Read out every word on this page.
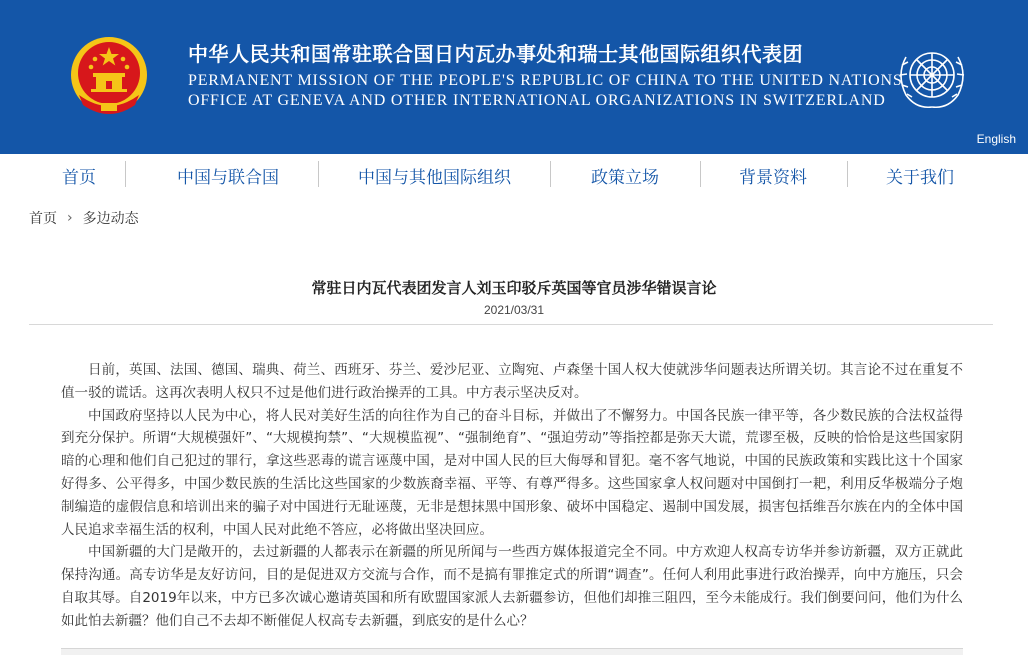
中华人民共和国常驻联合国日内瓦办事处和瑞士其他国际组织代表团
PERMANENT MISSION OF THE PEOPLE'S REPUBLIC OF CHINA TO THE UNITED NATIONS
OFFICE AT GENEVA AND OTHER INTERNATIONAL ORGANIZATIONS IN SWITZERLAND
English
首页	中国与联合国	中国与其他国际组织	政策立场	背景资料	关于我们
首页 › 多边动态
常驻日内瓦代表团发言人刘玉印驳斥英国等官员涉华错误言论
2021/03/31

日前，英国、法国、德国、瑞典、荷兰、西班牙、芬兰、爱沙尼亚、立陶宛、卢森堡十国人权大使就涉华问题表达所谓关切。其言论不过在重复不值一驳的谎话。这再次表明人权只不过是他们进行政治操弄的工具。中方表示坚决反对。

中国政府坚持以人民为中心，将人民对美好生活的向往作为自己的奋斗目标，并做出了不懈努力。中国各民族一律平等，各少数民族的合法权益得到充分保护。所谓“大规模强奸”、“大规模拘禁”、“大规模监视”、“强制绝育”、“强迫劳动”等指控都是弥天大谎，荒谬至极，反映的恰恰是这些国家阴暗的心理和他们自己犯过的罪行，拿这些恶毒的谎言诬蔑中国，是对中国人民的巨大侮辱和冒犯。毫不客气地说，中国的民族政策和实践比这十个国家好得多、公平得多，中国少数民族的生活比这些国家的少数族裔幸福、平等、有尊严得多。这些国家拿人权问题对中国倒打一耙，利用反华极端分子炮制编造的虚假信息和培训出来的骗子对中国进行无耻诬蔑，无非是想抹黑中国形象、破坏中国稳定、遏制中国发展，损害包括维吾尔族在内的全体中国人民追求幸福生活的权利，中国人民对此绝不答应，必将做出坚决回应。

中国新疆的大门是敞开的，去过新疆的人都表示在新疆的所见所闻与一些西方媒体报道完全不同。中方欢迎人权高专访华并参访新疆，双方正就此保持沟通。高专访华是友好访问，目的是促进双方交流与合作，而不是搞有罪推定式的所谓“调查”。任何人利用此事进行政治操弄，向中方施压，只会自取其辱。自2019年以来，中方已多次诚心邀请英国和所有欧盟国家派人去新疆参访，但他们却推三阻四，至今未能成行。我们倒要问问，他们为什么如此怕去新疆？他们自己不去却不断催促人权高专去新疆，到底安的是什么心？
